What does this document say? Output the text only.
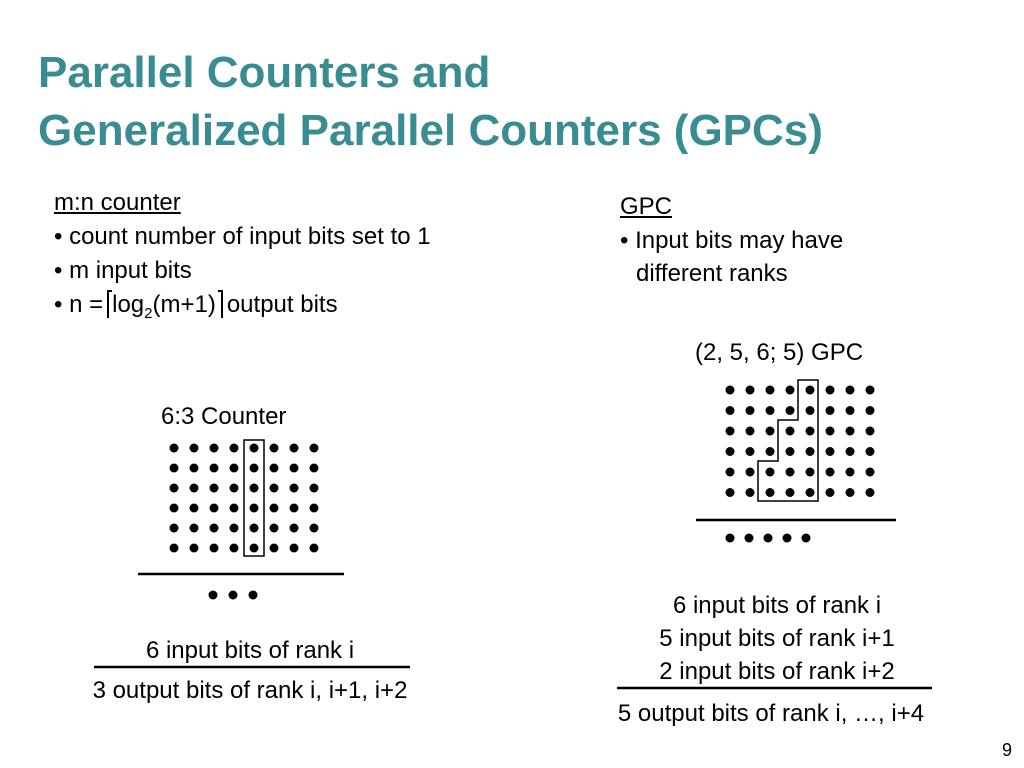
Parallel Counters and
Generalized Parallel Counters (GPCs)
m:n counter
• count number of input bits set to 1
• m input bits
• $n = \log_2(m+1)$ output bits
GPC
• Input bits may have
different ranks
6:3 Counter
(2, 5, 6; 5) GPC
6 input bits of rank i
3 output bits of rank i, i+1, i+2
6 input bits of rank i
5 input bits of rank i+1
2 input bits of rank i+2
5 output bits of rank i, …, i+4
9
